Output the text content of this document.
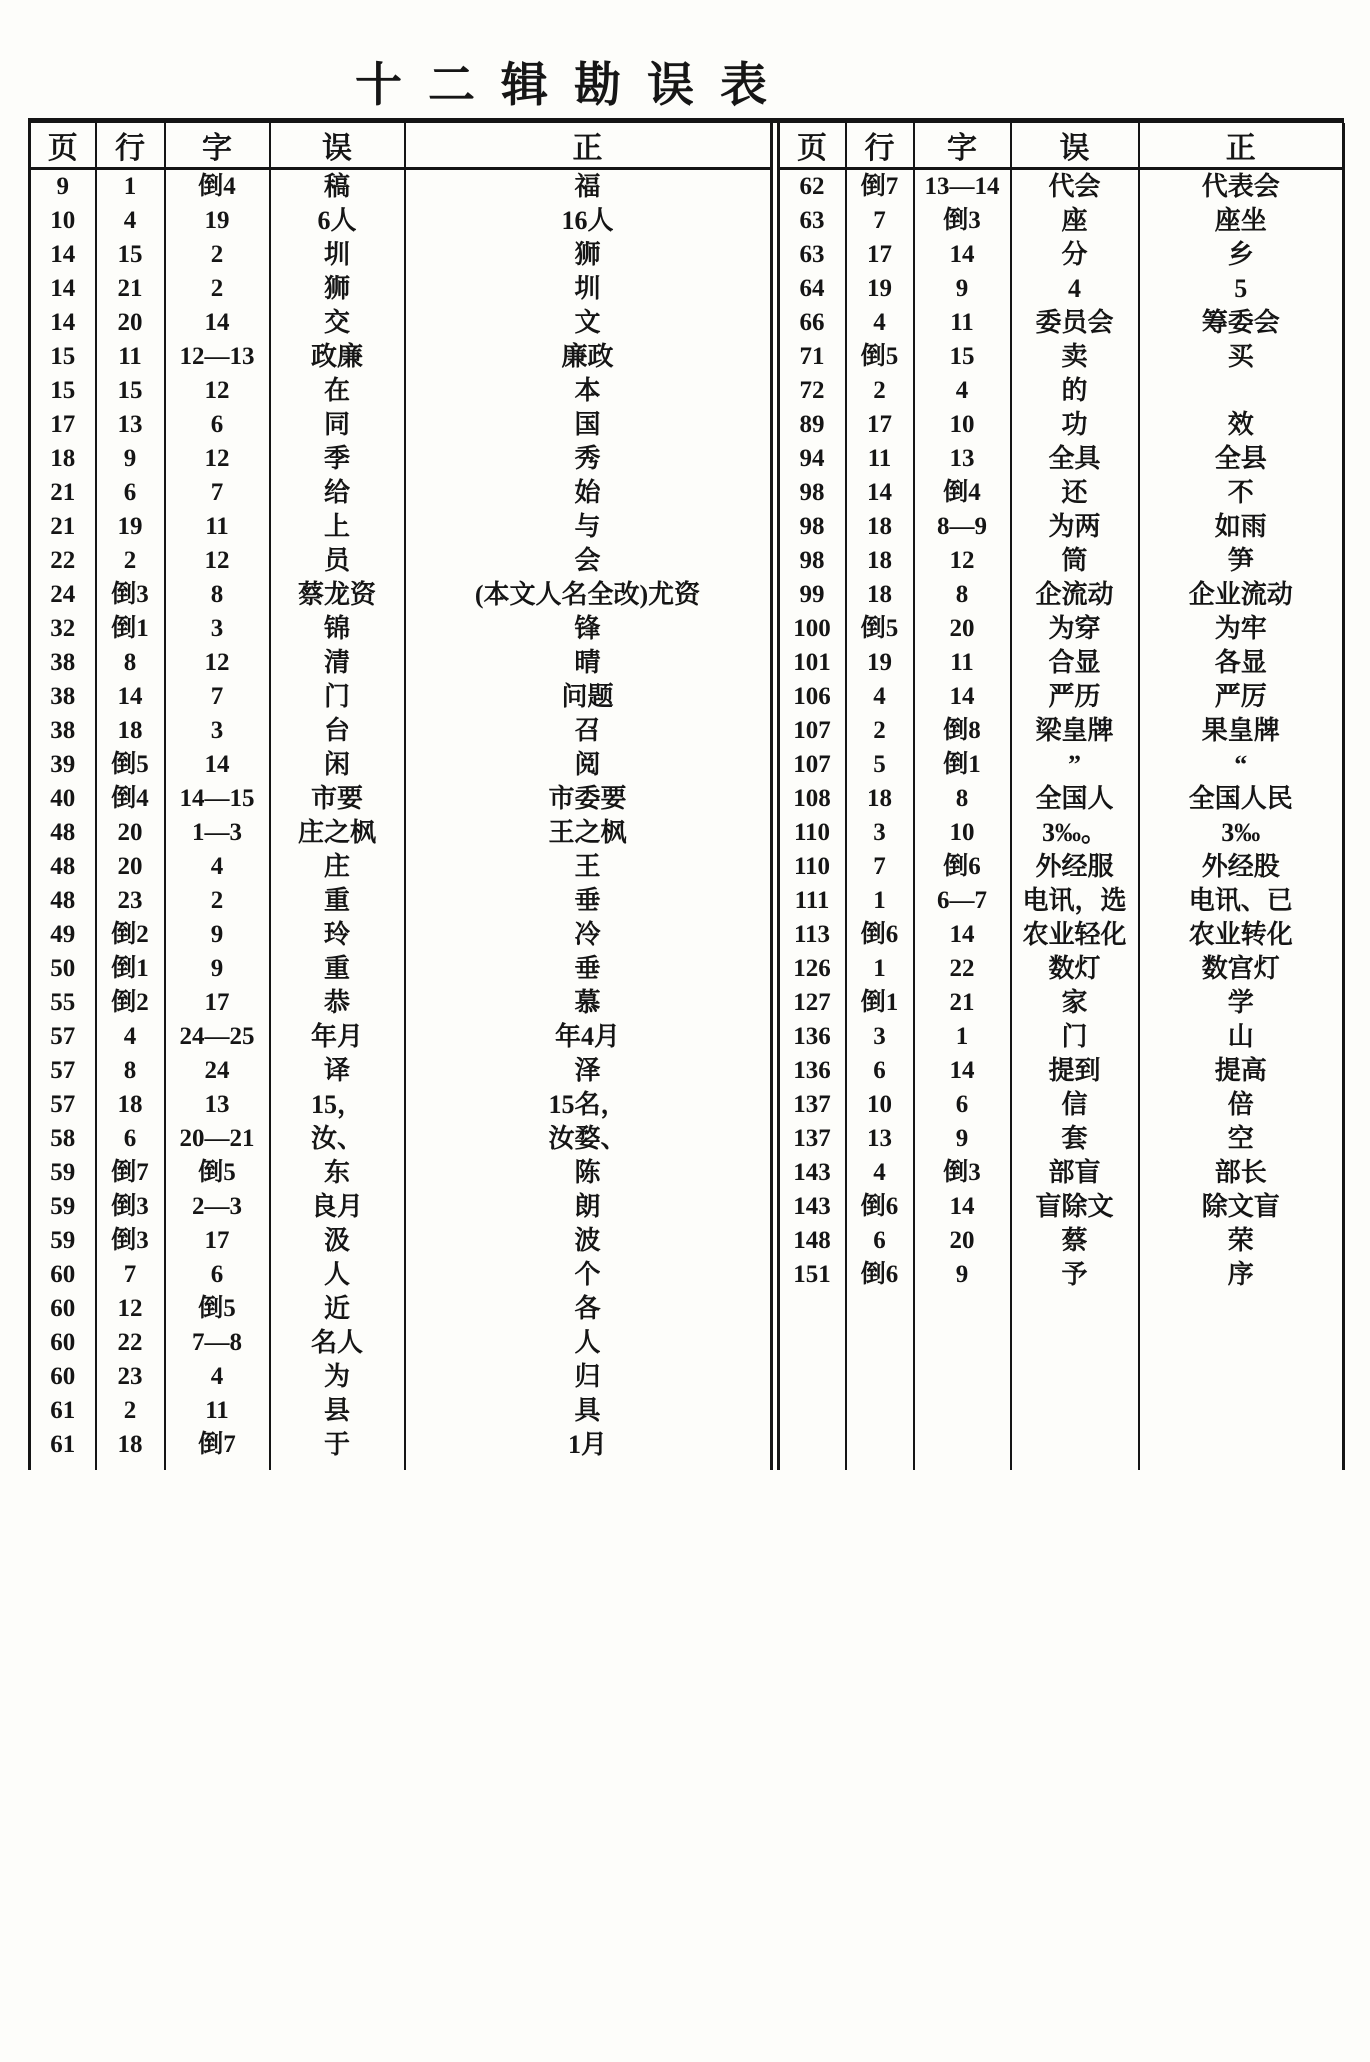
十二辑勘误表
页	行	字	误	正
9	1	倒4	稿	福
10	4	19	6人	16人
14	15	2	圳	狮
14	21	2	狮	圳
14	20	14	交	文
15	11	12—13	政廉	廉政
15	15	12	在	本
17	13	6	同	国
18	9	12	季	秀
21	6	7	给	始
21	19	11	上	与
22	2	12	员	会
24	倒3	8	蔡龙资	(本文人名全改)尤资
32	倒1	3	锦	锋
38	8	12	清	晴
38	14	7	门	问题
38	18	3	台	召
39	倒5	14	闲	阅
40	倒4	14—15	市要	市委要
48	20	1—3	庄之枫	王之枫
48	20	4	庄	王
48	23	2	重	垂
49	倒2	9	玲	冷
50	倒1	9	重	垂
55	倒2	17	恭	慕
57	4	24—25	年月	年4月
57	8	24	译	泽
57	18	13	15，	15名，
58	6	20—21	汝、	汝婺、
59	倒7	倒5	东	陈
59	倒3	2—3	良月	朗
59	倒3	17	汲	波
60	7	6	人	个
60	12	倒5	近	各
60	22	7—8	名人	人
60	23	4	为	归
61	2	11	县	具
61	18	倒7	于	1月

页	行	字	误	正
62	倒7	13—14	代会	代表会
63	7	倒3	座	座坐
63	17	14	分	乡
64	19	9	4	5
66	4	11	委员会	筹委会
71	倒5	15	卖	买
72	2	4	的	
89	17	10	功	效
94	11	13	全具	全县
98	14	倒4	还	不
98	18	8—9	为两	如雨
98	18	12	筒	笋
99	18	8	企流动	企业流动
100	倒5	20	为穿	为牢
101	19	11	合显	各显
106	4	14	严历	严厉
107	2	倒8	梁皇牌	果皇牌
107	5	倒1	”	“
108	18	8	全国人	全国人民
110	3	10	3‰。	3‰
110	7	倒6	外经服	外经股
111	1	6—7	电讯，选	电讯、已
113	倒6	14	农业轻化	农业转化
126	1	22	数灯	数宫灯
127	倒1	21	家	学
136	3	1	门	山
136	6	14	提到	提高
137	10	6	信	倍
137	13	9	套	空
143	4	倒3	部盲	部长
143	倒6	14	盲除文	除文盲
148	6	20	蔡	荣
151	倒6	9	予	序
